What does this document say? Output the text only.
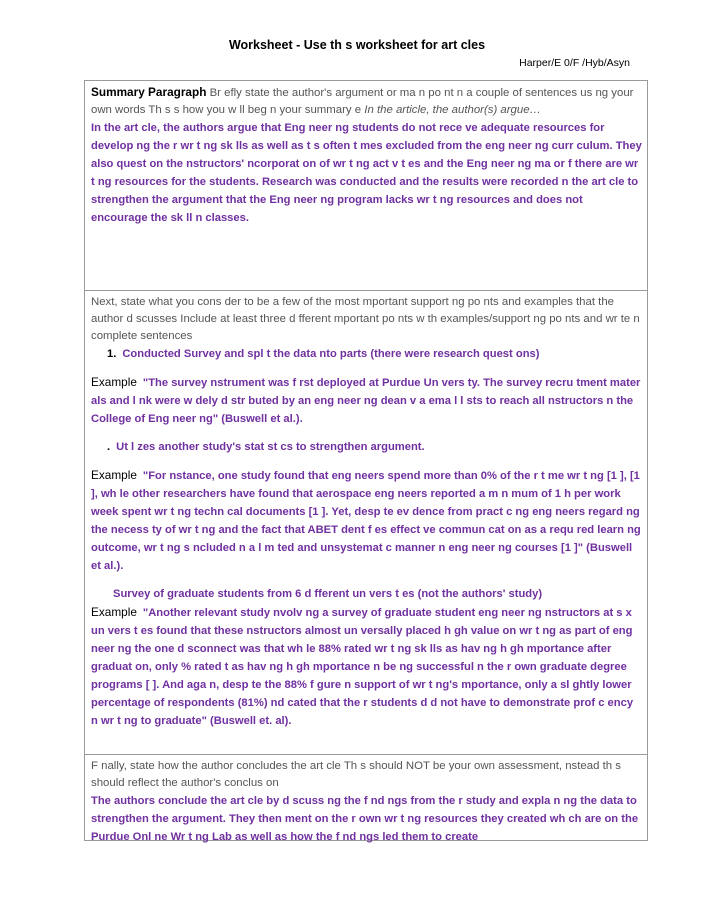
Worksheet - Use th s worksheet for art cles
Harper/E 0/F /Hyb/Asyn
Summary Paragraph Br efly state the author's argument or ma n po nt n a couple of sentences us ng your own words Th s s how you w ll beg n your summary e In the article, the author(s) argue…
In the art cle, the authors argue that Eng neer ng students do not rece ve adequate resources for develop ng the r wr t ng sk lls as well as t s often t mes excluded from the eng neer ng curr culum. They also quest on the nstructors' ncorporat on of wr t ng act v t es and the Eng neer ng ma or f there are wr t ng resources for the students. Research was conducted and the results were recorded n the art cle to strengthen the argument that the Eng neer ng program lacks wr t ng resources and does not encourage the sk ll n classes.
Next, state what you cons der to be a few of the most mportant support ng po nts and examples that the author d scusses Include at least three d fferent mportant po nts w th examples/support ng po nts and wr te n complete sentences
1. Conducted Survey and spl t the data nto parts (there were research quest ons)
Example "The survey nstrument was f rst deployed at Purdue Un vers ty. The survey recru tment mater als and l nk were w dely d str buted by an eng neer ng dean v a ema l l sts to reach all nstructors n the College of Eng neer ng" (Buswell et al.).
. Ut l zes another study's stat st cs to strengthen argument.
Example "For nstance, one study found that eng neers spend more than 0% of the r t me wr t ng [1 ], [1 ], wh le other researchers have found that aerospace eng neers reported a m n mum of 1 h per work week spent wr t ng techn cal documents [1 ]. Yet, desp te ev dence from pract c ng eng neers regard ng the necess ty of wr t ng and the fact that ABET dent f es effect ve commun cat on as a requ red learn ng outcome, wr t ng s ncluded n a l m ted and unsystemat c manner n eng neer ng courses [1 ]" (Buswell et al.).
Survey of graduate students from 6 d fferent un vers t es (not the authors' study)
Example "Another relevant study nvolv ng a survey of graduate student eng neer ng nstructors at s x un vers t es found that these nstructors almost un versally placed h gh value on wr t ng as part of eng neer ng the one d sconnect was that wh le 88% rated wr t ng sk lls as hav ng h gh mportance after graduat on, only % rated t as hav ng h gh mportance n be ng successful n the r own graduate degree programs [ ]. And aga n, desp te the 88% f gure n support of wr t ng's mportance, only a sl ghtly lower percentage of respondents (81%) nd cated that the r students d d not have to demonstrate prof c ency n wr t ng to graduate" (Buswell et. al).
F nally, state how the author concludes the art cle Th s should NOT be your own assessment, nstead th s should reflect the author's conclus on
The authors conclude the art cle by d scuss ng the f nd ngs from the r study and expla n ng the data to strengthen the argument. They then ment on the r own wr t ng resources they created wh ch are on the Purdue Onl ne Wr t ng Lab as well as how the f nd ngs led them to create
